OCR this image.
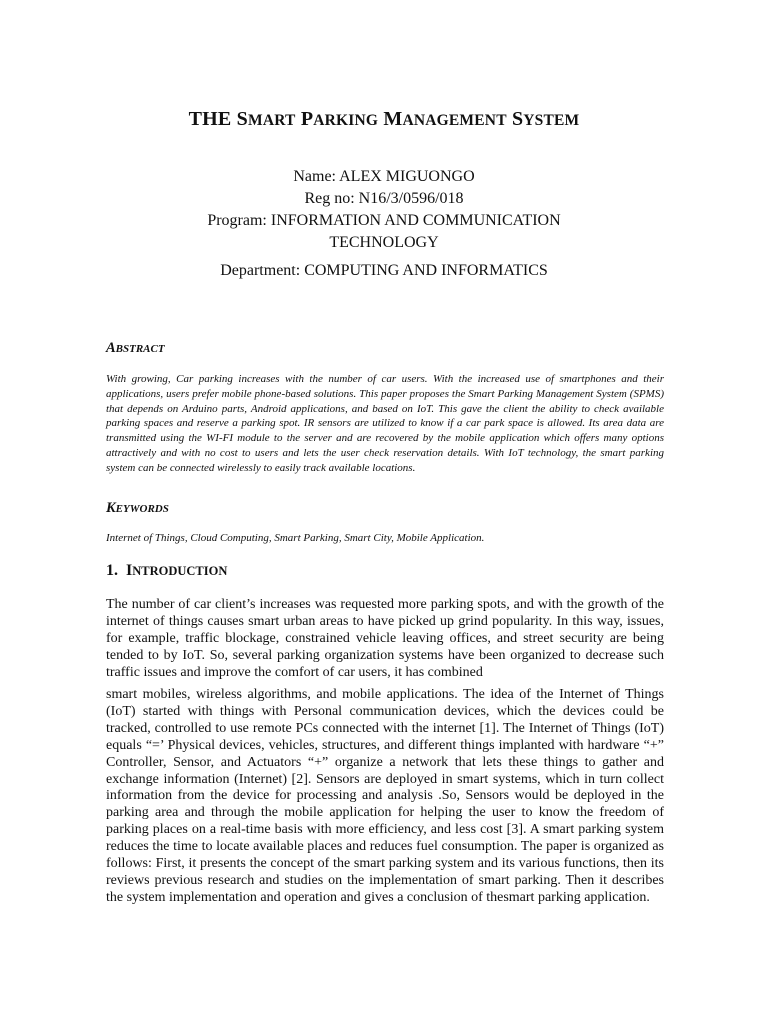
THE SMART PARKING MANAGEMENT SYSTEM
Name: ALEX MIGUONGO
Reg no: N16/3/0596/018
Program: INFORMATION AND COMMUNICATION
TECHNOLOGY
Department: COMPUTING AND INFORMATICS
ABSTRACT
With growing, Car parking increases with the number of car users. With the increased use of smartphones and their applications, users prefer mobile phone-based solutions. This paper proposes the Smart Parking Management System (SPMS) that depends on Arduino parts, Android applications, and based on IoT. This gave the client the ability to check available parking spaces and reserve a parking spot. IR sensors are utilized to know if a car park space is allowed. Its area data are transmitted using the WI-FI module to the server and are recovered by the mobile application which offers many options attractively and with no cost to users and lets the user check reservation details. With IoT technology, the smart parking system can be connected wirelessly to easily track available locations.
KEYWORDS
Internet of Things, Cloud Computing, Smart Parking, Smart City, Mobile Application.
1. INTRODUCTION
The number of car client’s increases was requested more parking spots, and with the growth of the internet of things causes smart urban areas to have picked up grind popularity. In this way, issues, for example, traffic blockage, constrained vehicle leaving offices, and street security are being tended to by IoT. So, several parking organization systems have been organized to decrease such traffic issues and improve the comfort of car users, it has combined
smart mobiles, wireless algorithms, and mobile applications. The idea of the Internet of Things (IoT) started with things with Personal communication devices, which the devices could be tracked, controlled to use remote PCs connected with the internet [1]. The Internet of Things (IoT) equals “=’ Physical devices, vehicles, structures, and different things implanted with hardware “+” Controller, Sensor, and Actuators “+” organize a network that lets these things to gather and exchange information (Internet) [2]. Sensors are deployed in smart systems, which in turn collect information from the device for processing and analysis .So, Sensors would be deployed in the parking area and through the mobile application for helping the user to know the freedom of parking places on a real-time basis with more efficiency, and less cost [3]. A smart parking system reduces the time to locate available places and reduces fuel consumption. The paper is organized as follows: First, it presents the concept of the smart parking system and its various functions, then its reviews previous research and studies on the implementation of smart parking. Then it describes the system implementation and operation and gives a conclusion of thesmart parking application.
